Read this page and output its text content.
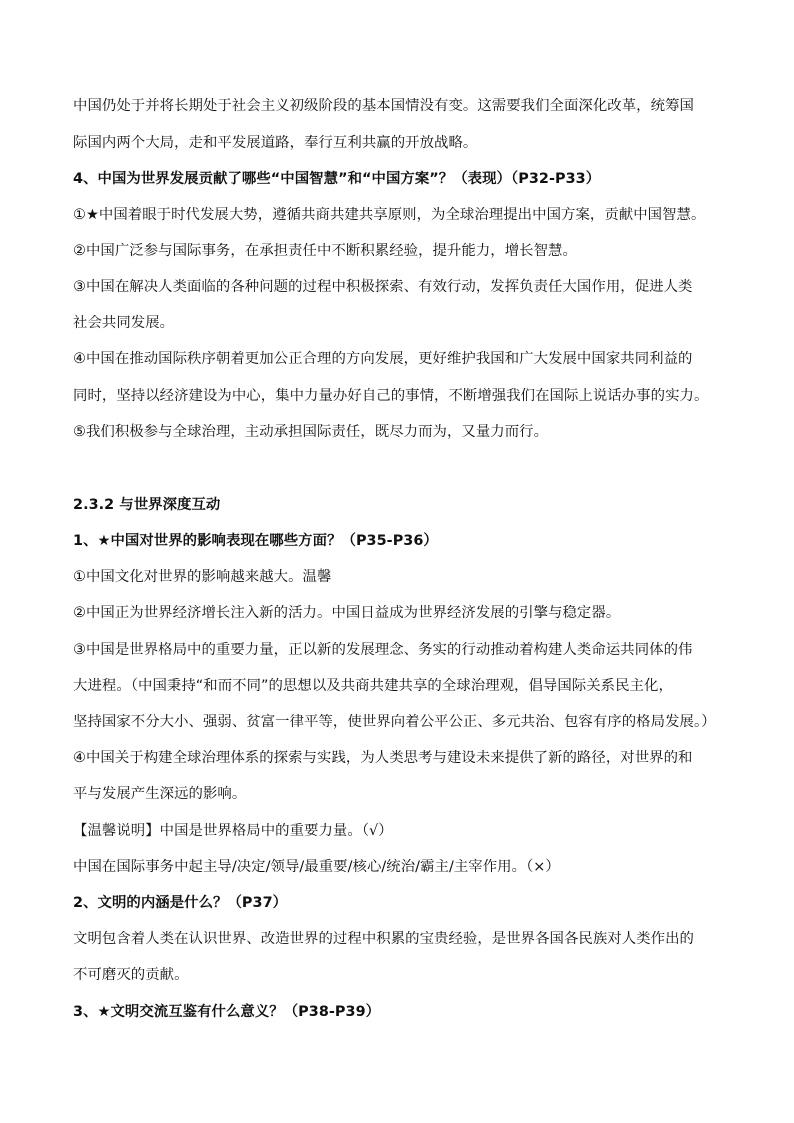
中国仍处于并将长期处于社会主义初级阶段的基本国情没有变。这需要我们全面深化改革，统筹国
际国内两个大局，走和平发展道路，奉行互利共赢的开放战略。
4、中国为世界发展贡献了哪些“中国智慧”和“中国方案”？（表现）（P32-P33）
①★中国着眼于时代发展大势，遵循共商共建共享原则，为全球治理提出中国方案，贡献中国智慧。
②中国广泛参与国际事务，在承担责任中不断积累经验，提升能力，增长智慧。
③中国在解决人类面临的各种问题的过程中积极探索、有效行动，发挥负责任大国作用，促进人类
社会共同发展。
④中国在推动国际秩序朝着更加公正合理的方向发展，更好维护我国和广大发展中国家共同利益的
同时，坚持以经济建设为中心，集中力量办好自己的事情，不断增强我们在国际上说话办事的实力。
⑤我们积极参与全球治理，主动承担国际责任，既尽力而为，又量力而行。
2.3.2 与世界深度互动
1、★中国对世界的影响表现在哪些方面？（P35-P36）
①中国文化对世界的影响越来越大。温馨
②中国正为世界经济增长注入新的活力。中国日益成为世界经济发展的引擎与稳定器。
③中国是世界格局中的重要力量，正以新的发展理念、务实的行动推动着构建人类命运共同体的伟
大进程。（中国秉持“和而不同”的思想以及共商共建共享的全球治理观，倡导国际关系民主化，
坚持国家不分大小、强弱、贫富一律平等，使世界向着公平公正、多元共治、包容有序的格局发展。）
④中国关于构建全球治理体系的探索与实践，为人类思考与建设未来提供了新的路径，对世界的和
平与发展产生深远的影响。
【温馨说明】中国是世界格局中的重要力量。（√）
中国在国际事务中起主导/决定/领导/最重要/核心/统治/霸主/主宰作用。（×）
2、文明的内涵是什么？（P37）
文明包含着人类在认识世界、改造世界的过程中积累的宝贵经验，是世界各国各民族对人类作出的
不可磨灭的贡献。
3、★文明交流互鉴有什么意义？（P38-P39）
